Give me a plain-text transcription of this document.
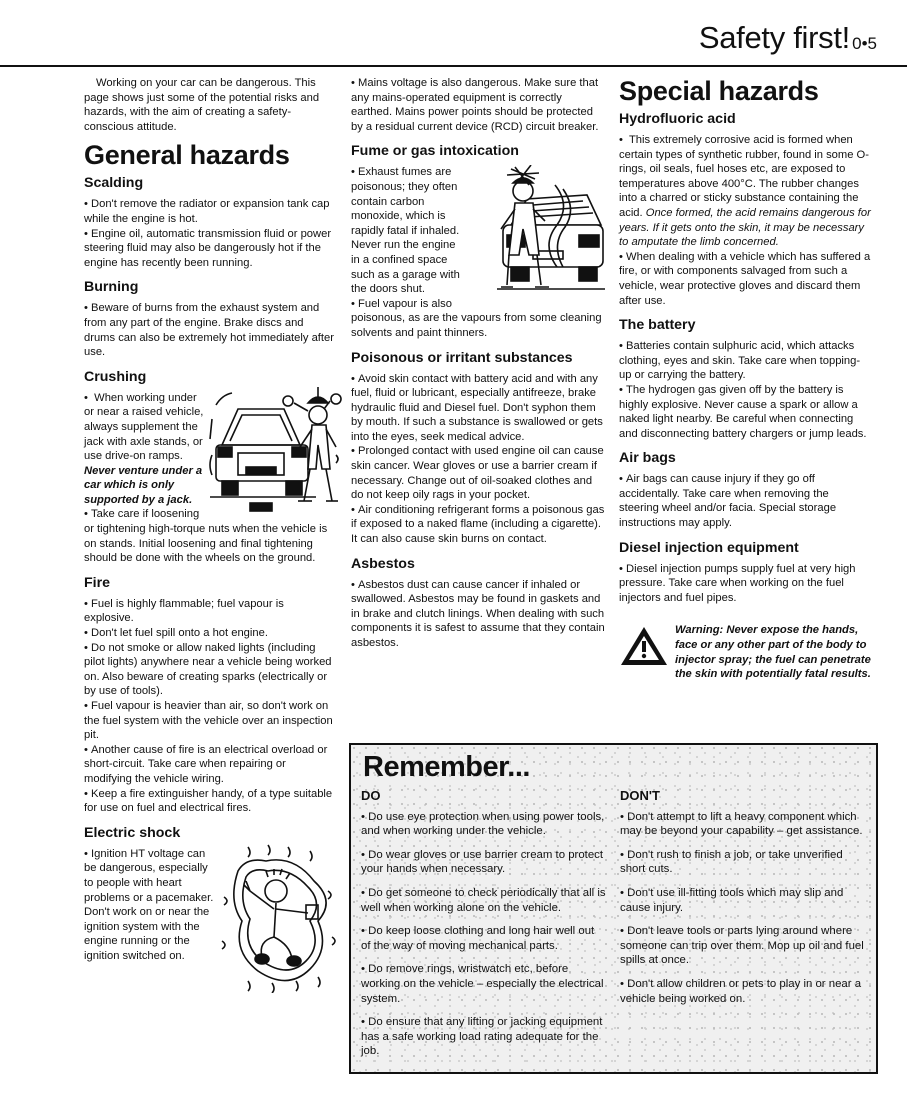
Safety first! 0•5

Working on your car can be dangerous. This page shows just some of the potential risks and hazards, with the aim of creating a safety-conscious attitude.

General hazards
Scalding

• Don't remove the radiator or expansion tank cap while the engine is hot.

• Engine oil, automatic transmission fluid or power steering fluid may also be dangerously hot if the engine has recently been running.

Burning

• Beware of burns from the exhaust system and from any part of the engine. Brake discs and drums can also be extremely hot immediately after use.

Crushing

• When working under or near a raised vehicle, always supplement the jack with axle stands, or use drive-on ramps. Never venture under a car which is only supported by a jack.

• Take care if loosening or tightening high-torque nuts when the vehicle is on stands. Initial loosening and final tightening should be done with the wheels on the ground.

Fire

• Fuel is highly flammable; fuel vapour is explosive.

• Don't let fuel spill onto a hot engine.

• Do not smoke or allow naked lights (including pilot lights) anywhere near a vehicle being worked on. Also beware of creating sparks (electrically or by use of tools).

• Fuel vapour is heavier than air, so don't work on the fuel system with the vehicle over an inspection pit.

• Another cause of fire is an electrical overload or short-circuit. Take care when repairing or modifying the vehicle wiring.

• Keep a fire extinguisher handy, of a type suitable for use on fuel and electrical fires.

Electric shock

• Ignition HT voltage can be dangerous, especially to people with heart problems or a pacemaker. Don't work on or near the ignition system with the engine running or the ignition switched on.

• Mains voltage is also dangerous. Make sure that any mains-operated equipment is correctly earthed. Mains power points should be protected by a residual current device (RCD) circuit breaker.

Fume or gas intoxication

• Exhaust fumes are poisonous; they often contain carbon monoxide, which is rapidly fatal if inhaled. Never run the engine in a confined space such as a garage with the doors shut.

• Fuel vapour is also poisonous, as are the vapours from some cleaning solvents and paint thinners.

Poisonous or irritant substances

• Avoid skin contact with battery acid and with any fuel, fluid or lubricant, especially antifreeze, brake hydraulic fluid and Diesel fuel. Don't syphon them by mouth. If such a substance is swallowed or gets into the eyes, seek medical advice.

• Prolonged contact with used engine oil can cause skin cancer. Wear gloves or use a barrier cream if necessary. Change out of oil-soaked clothes and do not keep oily rags in your pocket.

• Air conditioning refrigerant forms a poisonous gas if exposed to a naked flame (including a cigarette). It can also cause skin burns on contact.

Asbestos

• Asbestos dust can cause cancer if inhaled or swallowed. Asbestos may be found in gaskets and in brake and clutch linings. When dealing with such components it is safest to assume that they contain asbestos.

Special hazards
Hydrofluoric acid

• This extremely corrosive acid is formed when certain types of synthetic rubber, found in some O-rings, oil seals, fuel hoses etc, are exposed to temperatures above 400°C. The rubber changes into a charred or sticky substance containing the acid. Once formed, the acid remains dangerous for years. If it gets onto the skin, it may be necessary to amputate the limb concerned.

• When dealing with a vehicle which has suffered a fire, or with components salvaged from such a vehicle, wear protective gloves and discard them after use.

The battery

• Batteries contain sulphuric acid, which attacks clothing, eyes and skin. Take care when topping-up or carrying the battery.

• The hydrogen gas given off by the battery is highly explosive. Never cause a spark or allow a naked light nearby. Be careful when connecting and disconnecting battery chargers or jump leads.

Air bags

• Air bags can cause injury if they go off accidentally. Take care when removing the steering wheel and/or facia. Special storage instructions may apply.

Diesel injection equipment

• Diesel injection pumps supply fuel at very high pressure. Take care when working on the fuel injectors and fuel pipes.

Warning: Never expose the hands, face or any other part of the body to injector spray; the fuel can penetrate the skin with potentially fatal results.

Remember...
DO

• Do use eye protection when using power tools, and when working under the vehicle.

• Do wear gloves or use barrier cream to protect your hands when necessary.

• Do get someone to check periodically that all is well when working alone on the vehicle.

• Do keep loose clothing and long hair well out of the way of moving mechanical parts.

• Do remove rings, wristwatch etc, before working on the vehicle – especially the electrical system.

• Do ensure that any lifting or jacking equipment has a safe working load rating adequate for the job.

DON'T

• Don't attempt to lift a heavy component which may be beyond your capability – get assistance.

• Don't rush to finish a job, or take unverified short cuts.

• Don't use ill-fitting tools which may slip and cause injury.

• Don't leave tools or parts lying around where someone can trip over them. Mop up oil and fuel spills at once.

• Don't allow children or pets to play in or near a vehicle being worked on.
